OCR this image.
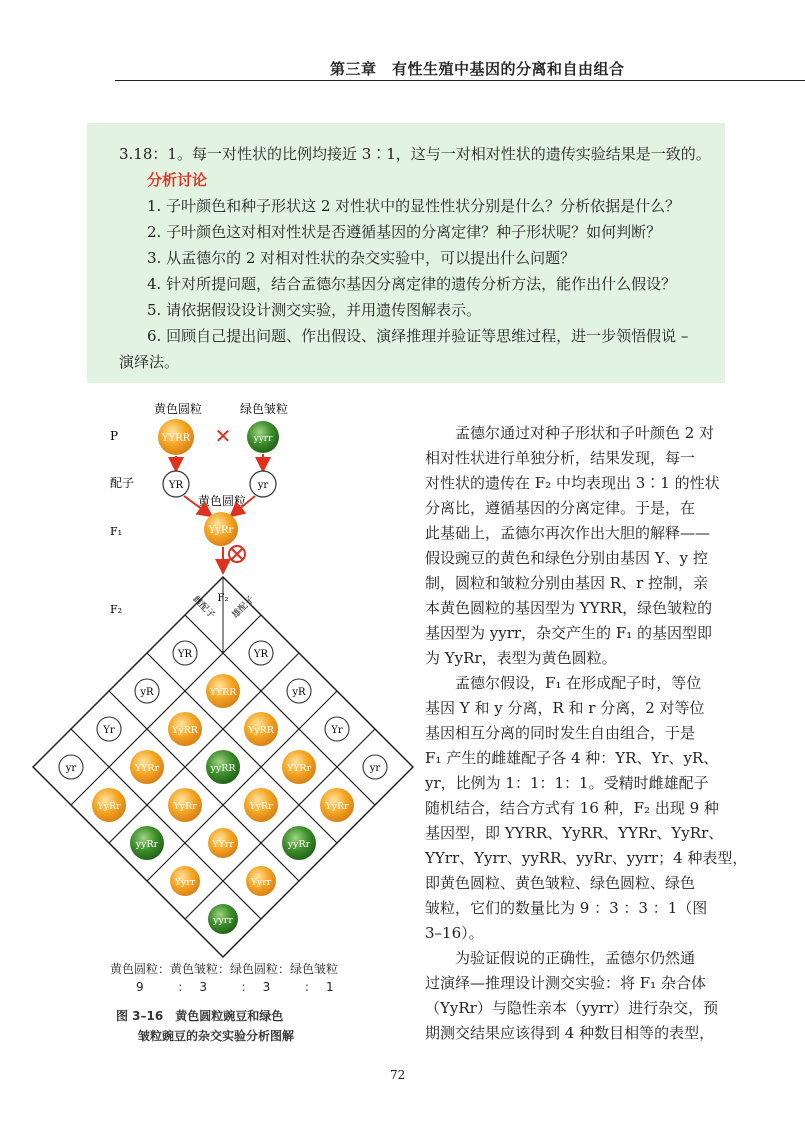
第三章　有性生殖中基因的分离和自由组合

3.18：1。每一对性状的比例均接近 3∶1，这与一对相对性状的遗传实验结果是一致的。

分析讨论

1. 子叶颜色和种子形状这 2 对性状中的显性性状分别是什么？分析依据是什么？

2. 子叶颜色这对相对性状是否遵循基因的分离定律？种子形状呢？如何判断？

3. 从孟德尔的 2 对相对性状的杂交实验中，可以提出什么问题？

4. 针对所提问题，结合孟德尔基因分离定律的遗传分析方法，能作出什么假设？

5. 请依据假设设计测交实验，并用遗传图解表示。

6. 回顾自己提出问题、作出假设、演绎推理并验证等思维过程，进一步领悟假说 –

演绎法。

黄色圆粒	绿色皱粒
P
配子
F₁
F₂
YYRR ✕ yyrr
YR	yr
黄色圆粒
YyRr
F₂
雌配子 雄配子
YR	YR
yR	yR
Yr	Yr
yr	yr
YYRR
YyRR
YYRr
YyRr
YyRR
yyRR
YyRr
yyRr
YYRr
YyRr
YYrr
Yyrr
YyRr
yyRr
Yyrr
yyrr
黄色圆粒：黄色皱粒：绿色圆粒：绿色皱粒
9	： 3	： 3	： 1
图 3–16　黄色圆粒豌豆和绿色
皱粒豌豆的杂交实验分析图解

　　孟德尔通过对种子形状和子叶颜色 2 对

相对性状进行单独分析，结果发现，每一

对性状的遗传在 F₂ 中均表现出 3∶1 的性状

分离比，遵循基因的分离定律。于是，在

此基础上，孟德尔再次作出大胆的解释——

假设豌豆的黄色和绿色分别由基因 Y、y 控

制，圆粒和皱粒分别由基因 R、r 控制，亲

本黄色圆粒的基因型为 YYRR，绿色皱粒的

基因型为 yyrr，杂交产生的 F₁ 的基因型即

为 YyRr，表型为黄色圆粒。

　　孟德尔假设，F₁ 在形成配子时，等位

基因 Y 和 y 分离，R 和 r 分离，2 对等位

基因相互分离的同时发生自由组合，于是

F₁ 产生的雌雄配子各 4 种：YR、Yr、yR、

yr，比例为 1：1：1：1。受精时雌雄配子

随机结合，结合方式有 16 种，F₂ 出现 9 种

基因型，即 YYRR、YyRR、YYRr、YyRr、

YYrr、Yyrr、yyRR、yyRr、yyrr；4 种表型，

即黄色圆粒、黄色皱粒、绿色圆粒、绿色

皱粒，它们的数量比为 9 ：3 ：3 ：1（图

3–16）。

　　为验证假说的正确性，孟德尔仍然通

过演绎—推理设计测交实验：将 F₁ 杂合体

（YyRr）与隐性亲本（yyrr）进行杂交，预

期测交结果应该得到 4 种数目相等的表型，

72
